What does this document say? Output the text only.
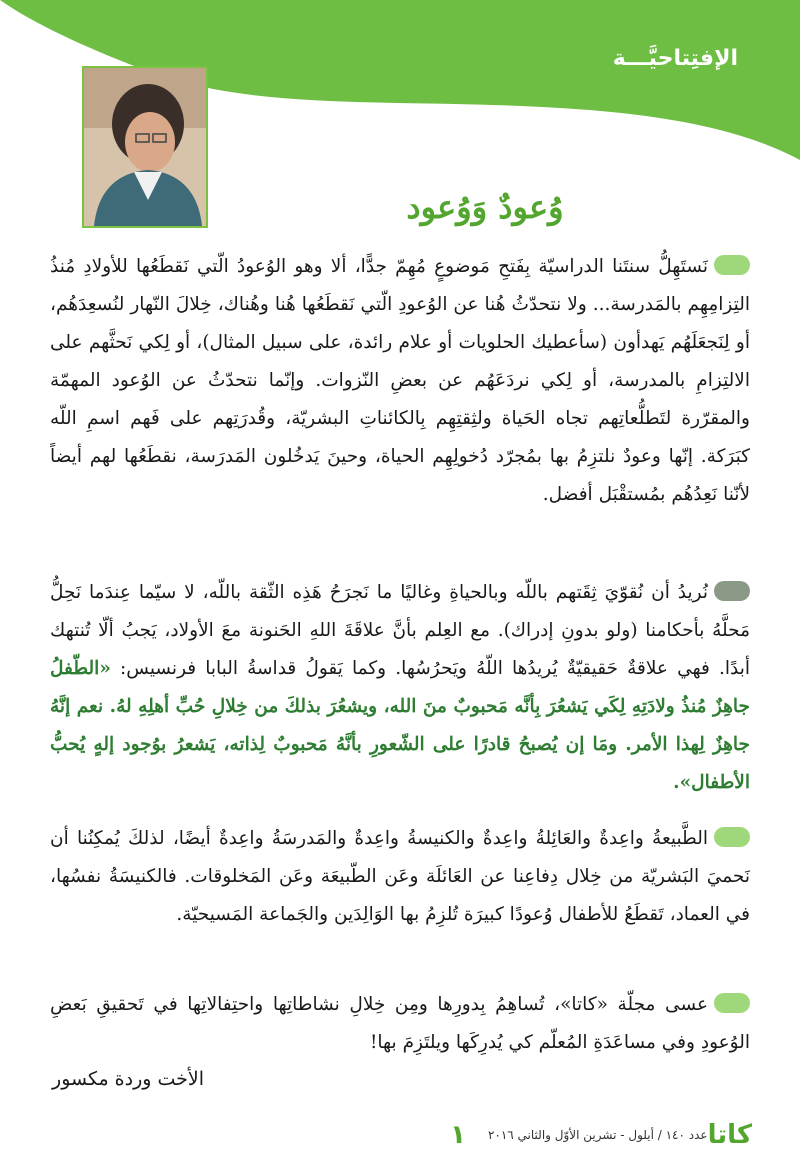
الإفتِتاحيَّـــة
وُعودٌ وَوُعود
نَستَهِلُّ سنتَنا الدراسيّة بِفَتحِ مَوضوعٍ مُهِمّ جدًّا، ألا وهو الوُعودُ الّتي نَقطَعُها للأولادِ مُنذُ التِزامِهِم بالمَدرسة... ولا نتحدّثُ هُنا عن الوُعودِ الّتي نَقطَعُها هُنا وهُناك، خِلالَ النّهار لنُسعِدَهُم، أو لِنَجعَلَهُم يَهدأون (سأعطيك الحلويات أو علام رائدة، على سبيل المثال)، أو لِكي نَحثَّهم على الالتِزامِ بالمدرسة، أو لِكي نردَعَهُم عن بعضِ النّزوات. وإنّما نتحدّثُ عن الوُعود المهمّة والمقرّرة لتَطلُّعاتِهم تجاه الحَياة ولثِقتِهِم بِالكائناتِ البشريّة، وقُدرَتِهم على فَهم اسمِ اللّه كبَرَكة. إنّها وعودٌ نلتزِمُ بها بمُجرّد دُخولِهِم الحياة، وحينَ يَدخُلون المَدرَسة، نقطَعُها لهم أيضاً لأنّنا نَعِدُهُم بمُستقْبَل أفضل.
نُريدُ أن نُقوّيَ ثِقَتهم باللّه وبالحياةِ وغاليًا ما نَجرَحُ هَذِه الثّقة باللّه، لا سيّما عِندَما نَحِلُّ مَحلَّهُ بأحكامنا (ولو بدونِ إدراك). مع العِلم بأنَّ علاقَةَ اللهِ الحَنونة معَ الأولاد، يَجبُ ألّا تُنتهك أبدًا. فهي علاقةٌ حَقيقيّةٌ يُريدُها اللّهُ ويَحرُسُها. وكما يَقولُ قداسةُ البابا فرنسيس: «الطّفلُ جاهِزٌ مُنذُ ولادَتِهِ لِكَي يَشعُرَ بِأنَّه مَحبوبٌ منَ الله، ويشعُرَ بذلكَ من خِلالِ حُبِّ أهلِهِ لهُ. نعم إنَّهُ جاهِزٌ لِهذا الأمر. ومَا إن يُصبحُ قادرًا على الشّعورِ بأنَّهُ مَحبوبٌ لِذاته، يَشعرُ بوُجود إلهٍ يُحبُّ الأطفال».
الطَّبيعةُ واعِدةٌ والعَائِلةُ واعِدةٌ والكنيسةُ واعِدةٌ والمَدرسَةُ واعِدةٌ أيضًا، لذلكَ يُمكِنُنا أن نَحميَ البَشريّة من خِلال دِفاعِنا عن العَائلَة وعَن الطّبيعَة وعَن المَخلوقات. فالكنيسَةُ نفسُها، في العماد، تَقطَعُ للأطفال وُعودًا كبيرَة تُلزِمُ بها الوَالِدَين والجَماعة المَسيحيّة.
عسى مجلّة «كاتا»، تُساهِمُ بِدورِها ومِن خِلالِ نشاطاتِها واحتِفالاتِها في تَحقيقِ بَعضِ الوُعودِ وفي مساعَدَةِ المُعلّم كي يُدرِكَها ويلتَزِمَ بها!
الأخت وردة مكسور
كاتا
عدد ١٤٠ / أيلول - تشرين الأوّل والثاني ٢٠١٦
١
